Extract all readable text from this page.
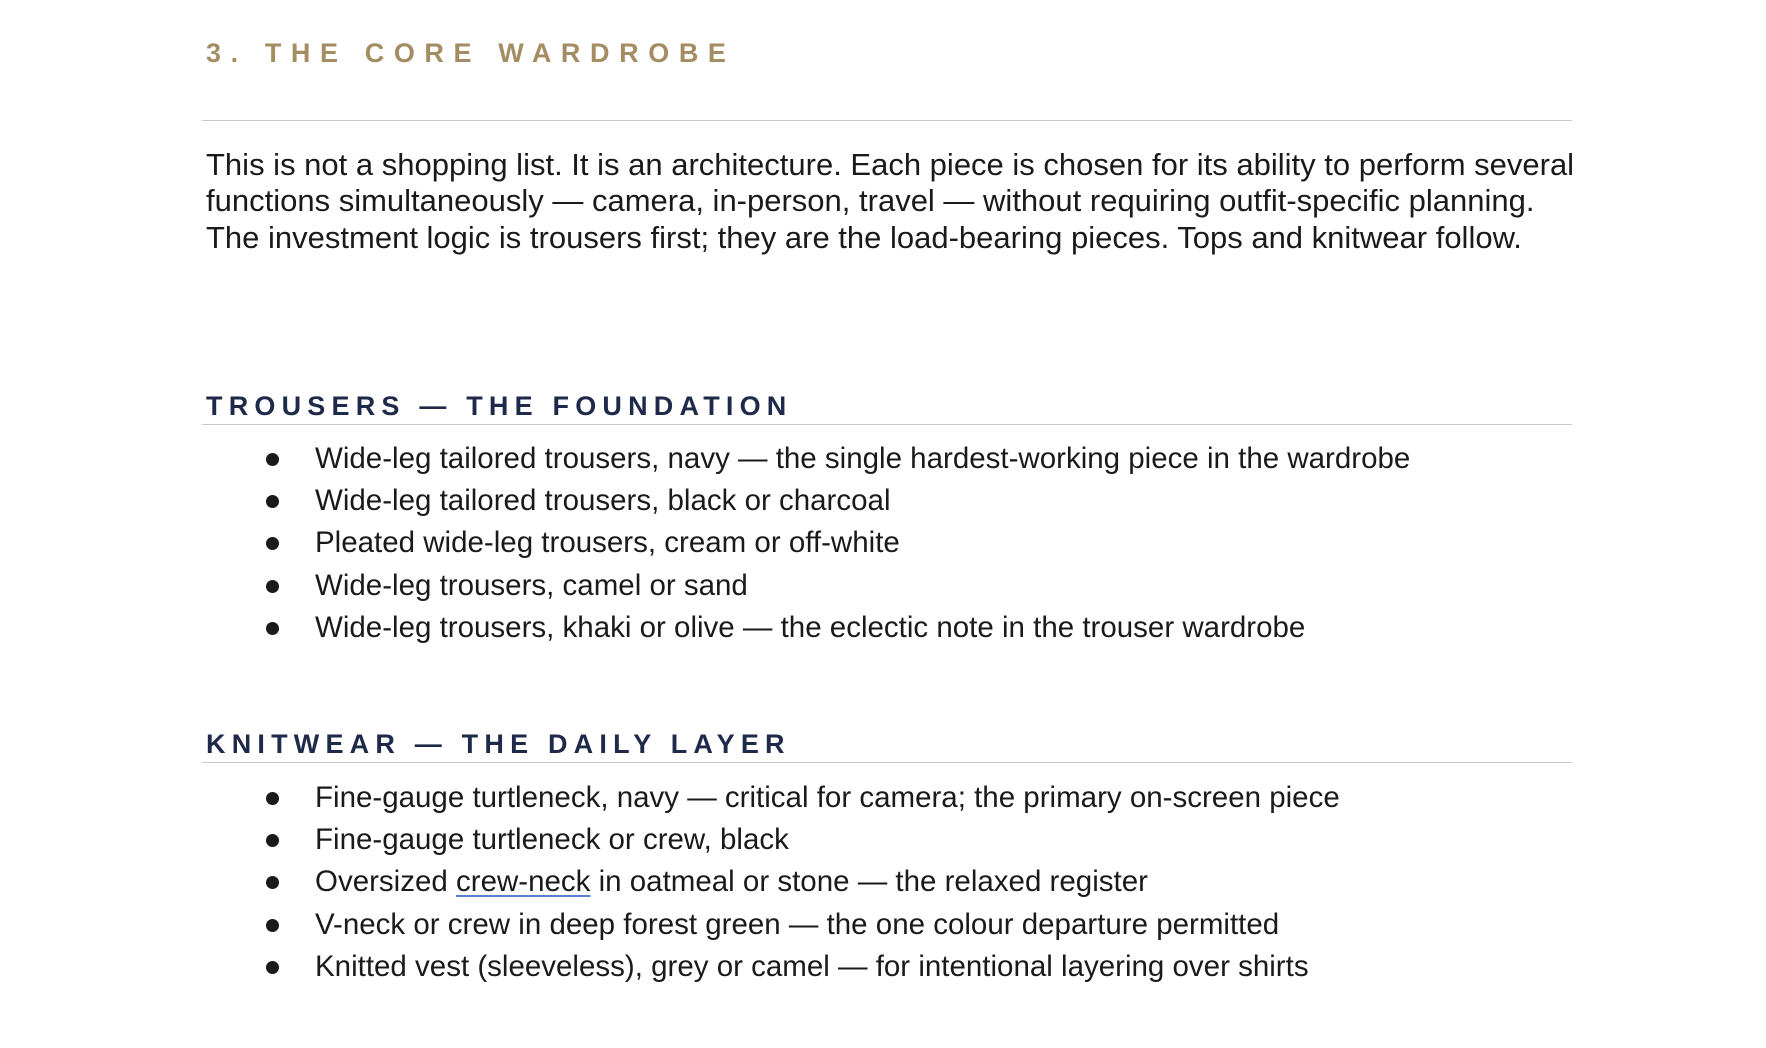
3. THE CORE WARDROBE

This is not a shopping list. It is an architecture. Each piece is chosen for its ability to perform several functions simultaneously — camera, in-person, travel — without requiring outfit-specific planning. The investment logic is trousers first; they are the load-bearing pieces. Tops and knitwear follow.

TROUSERS — THE FOUNDATION
Wide-leg tailored trousers, navy — the single hardest-working piece in the wardrobe
Wide-leg tailored trousers, black or charcoal
Pleated wide-leg trousers, cream or off-white
Wide-leg trousers, camel or sand
Wide-leg trousers, khaki or olive — the eclectic note in the trouser wardrobe
KNITWEAR — THE DAILY LAYER
Fine-gauge turtleneck, navy — critical for camera; the primary on-screen piece
Fine-gauge turtleneck or crew, black
Oversized crew-neck in oatmeal or stone — the relaxed register
V-neck or crew in deep forest green — the one colour departure permitted
Knitted vest (sleeveless), grey or camel — for intentional layering over shirts
